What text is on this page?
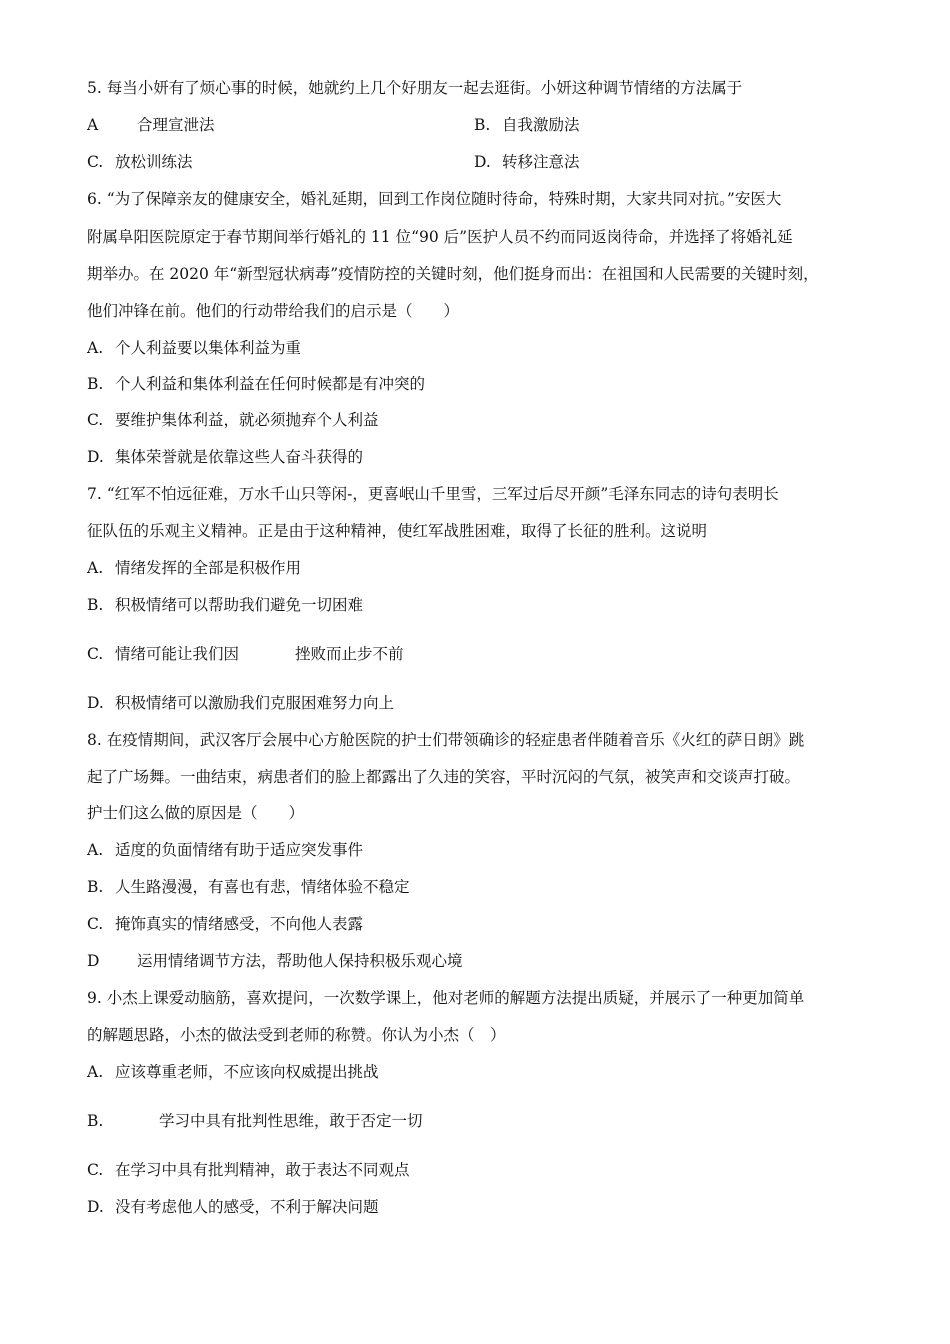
5. 每当小妍有了烦心事的时候，她就约上几个好朋友一起去逛街。小妍这种调节情绪的方法属于
A	合理宣泄法	B. 自我激励法
C. 放松训练法	D. 转移注意法
6. “为了保障亲友的健康安全，婚礼延期，回到工作岗位随时待命，特殊时期，大家共同对抗。”安医大
附属阜阳医院原定于春节期间举行婚礼的 11 位“90 后”医护人员不约而同返岗待命，并选择了将婚礼延
期举办。在 2020 年“新型冠状病毒”疫情防控的关键时刻，他们挺身而出：在祖国和人民需要的关键时刻，
他们冲锋在前。他们的行动带给我们的启示是（　　）
A. 个人利益要以集体利益为重
B. 个人利益和集体利益在任何时候都是有冲突的
C. 要维护集体利益，就必须抛弃个人利益
D. 集体荣誉就是依靠这些人奋斗获得的
7. “红军不怕远征难，万水千山只等闲-，更喜岷山千里雪，三军过后尽开颜”毛泽东同志的诗句表明长
征队伍的乐观主义精神。正是由于这种精神，使红军战胜困难，取得了长征的胜利。这说明
A. 情绪发挥的全部是积极作用
B. 积极情绪可以帮助我们避免一切困难
C. 情绪可能让我们因	挫败而止步不前
D. 积极情绪可以激励我们克服困难努力向上
8. 在疫情期间，武汉客厅会展中心方舱医院的护士们带领确诊的轻症患者伴随着音乐《火红的萨日朗》跳
起了广场舞。一曲结束，病患者们的脸上都露出了久违的笑容，平时沉闷的气氛，被笑声和交谈声打破。
护士们这么做的原因是（　　）
A. 适度的负面情绪有助于适应突发事件
B. 人生路漫漫，有喜也有悲，情绪体验不稳定
C. 掩饰真实的情绪感受，不向他人表露
D 运用情绪调节方法，帮助他人保持积极乐观心境
9. 小杰上课爱动脑筋，喜欢提问，一次数学课上，他对老师的解题方法提出质疑，并展示了一种更加简单
的解题思路，小杰的做法受到老师的称赞。你认为小杰（　）
A. 应该尊重老师，不应该向权威提出挑战
B.	学习中具有批判性思维，敢于否定一切
C. 在学习中具有批判精神，敢于表达不同观点
D. 没有考虑他人的感受，不利于解决问题
